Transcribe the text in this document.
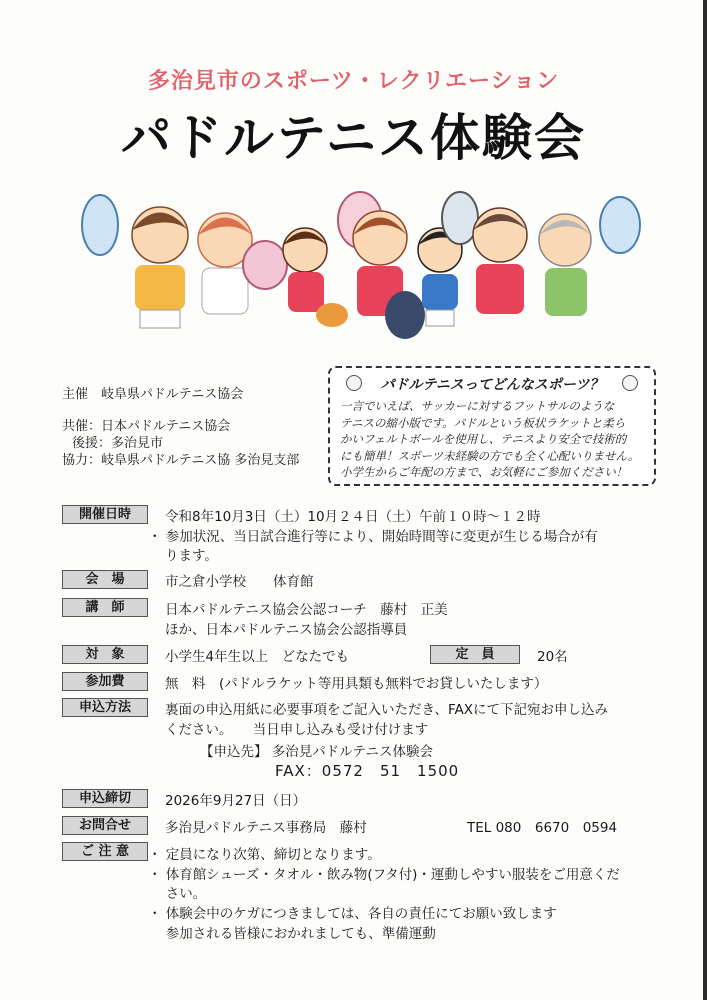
多治見市のスポーツ・レクリエーション
パドルテニス体験会
主催　岐阜県パドルテニス協会
共催：日本パドルテニス協会
後援：多治見市
協力：岐阜県パドルテニス協 多治見支部
パドルテニスってどんなスポーツ？
一言でいえば、サッカーに対するフットサルのような
テニスの縮小版です。パドルという板状ラケットと柔ら
かいフェルトボールを使用し、テニスより安全で技術的
にも簡単！スポーツ未経験の方でも全く心配いりません。
小学生からご年配の方まで、お気軽にご参加ください！
開催日時	令和8年10月3日（土）10月２４日（土）午前１０時～１２時
・ 参加状況、当日試合進行等により、開始時間等に変更が生じる場合が有
ります。
会　場	市之倉小学校　　体育館
講　師	日本パドルテニス協会公認コーチ　藤村　正美
ほか、日本パドルテニス協会公認指導員
対　象	小学生4年生以上　どなたでも	定　員	20名
参加費	無　料　(パドルラケット等用具類も無料でお貸しいたします）
申込方法	裏面の申込用紙に必要事項をご記入いただき、FAXにて下記宛お申し込み
ください。　　当日申し込みも受け付けます
【申込先】 多治見パドルテニス体験会
FAX：0572　51　1500
申込締切	2026年9月27日（日）
お問合せ	多治見パドルテニス事務局　藤村	TEL 080　6670　0594
ご 注 意	・ 定員になり次第、締切となります。
・ 体育館シューズ・タオル・飲み物(フタ付)・運動しやすい服装をご用意くだ
　 さい。
・ 体験会中のケガにつきましては、各自の責任にてお願い致します
　 参加される皆様におかれましても、準備運動
